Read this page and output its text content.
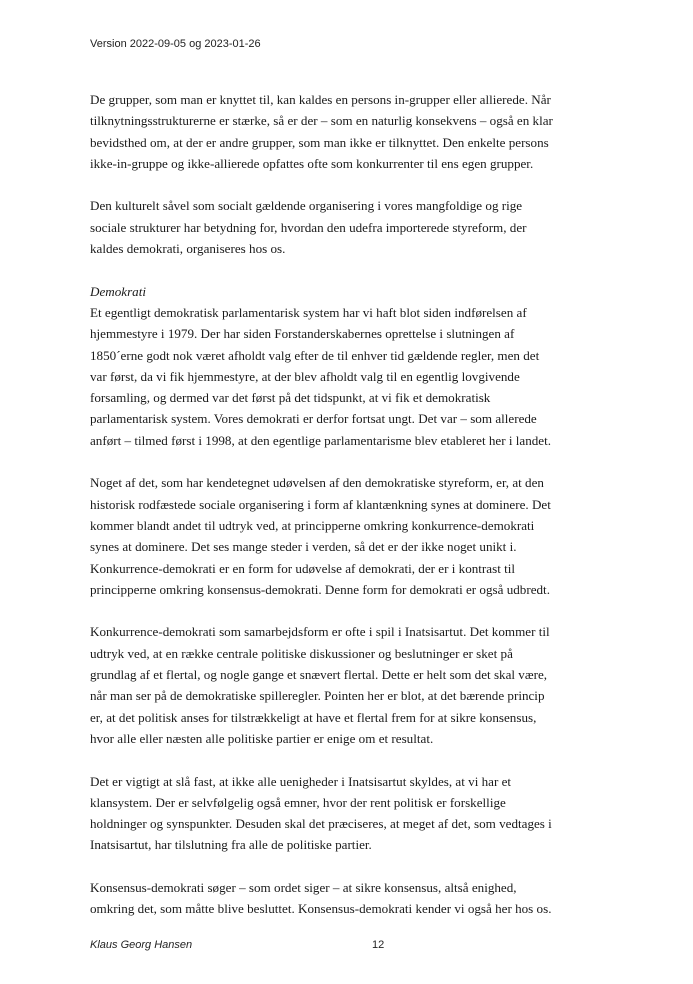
Version 2022-09-05 og 2023-01-26
De grupper, som man er knyttet til, kan kaldes en persons in-grupper eller allierede. Når
tilknytningsstrukturerne er stærke, så er der – som en naturlig konsekvens – også en klar
bevidsthed om, at der er andre grupper, som man ikke er tilknyttet. Den enkelte persons
ikke-in-gruppe og ikke-allierede opfattes ofte som konkurrenter til ens egen grupper.
Den kulturelt såvel som socialt gældende organisering i vores mangfoldige og rige
sociale strukturer har betydning for, hvordan den udefra importerede styreform, der
kaldes demokrati, organiseres hos os.
Demokrati
Et egentligt demokratisk parlamentarisk system har vi haft blot siden indførelsen af
hjemmestyre i 1979. Der har siden Forstanderskabernes oprettelse i slutningen af
1850´erne godt nok været afholdt valg efter de til enhver tid gældende regler, men det
var først, da vi fik hjemmestyre, at der blev afholdt valg til en egentlig lovgivende
forsamling, og dermed var det først på det tidspunkt, at vi fik et demokratisk
parlamentarisk system. Vores demokrati er derfor fortsat ungt. Det var – som allerede
anført – tilmed først i 1998, at den egentlige parlamentarisme blev etableret her i landet.
Noget af det, som har kendetegnet udøvelsen af den demokratiske styreform, er, at den
historisk rodfæstede sociale organisering i form af klantænkning synes at dominere. Det
kommer blandt andet til udtryk ved, at principperne omkring konkurrence-demokrati
synes at dominere. Det ses mange steder i verden, så det er der ikke noget unikt i.
Konkurrence-demokrati er en form for udøvelse af demokrati, der er i kontrast til
principperne omkring konsensus-demokrati. Denne form for demokrati er også udbredt.
Konkurrence-demokrati som samarbejdsform er ofte i spil i Inatsisartut. Det kommer til
udtryk ved, at en række centrale politiske diskussioner og beslutninger er sket på
grundlag af et flertal, og nogle gange et snævert flertal. Dette er helt som det skal være,
når man ser på de demokratiske spilleregler. Pointen her er blot, at det bærende princip
er, at det politisk anses for tilstrækkeligt at have et flertal frem for at sikre konsensus,
hvor alle eller næsten alle politiske partier er enige om et resultat.
Det er vigtigt at slå fast, at ikke alle uenigheder i Inatsisartut skyldes, at vi har et
klansystem. Der er selvfølgelig også emner, hvor der rent politisk er forskellige
holdninger og synspunkter. Desuden skal det præciseres, at meget af det, som vedtages i
Inatsisartut, har tilslutning fra alle de politiske partier.
Konsensus-demokrati søger – som ordet siger – at sikre konsensus, altså enighed,
omkring det, som måtte blive besluttet. Konsensus-demokrati kender vi også her hos os.
Klaus Georg Hansen	12
